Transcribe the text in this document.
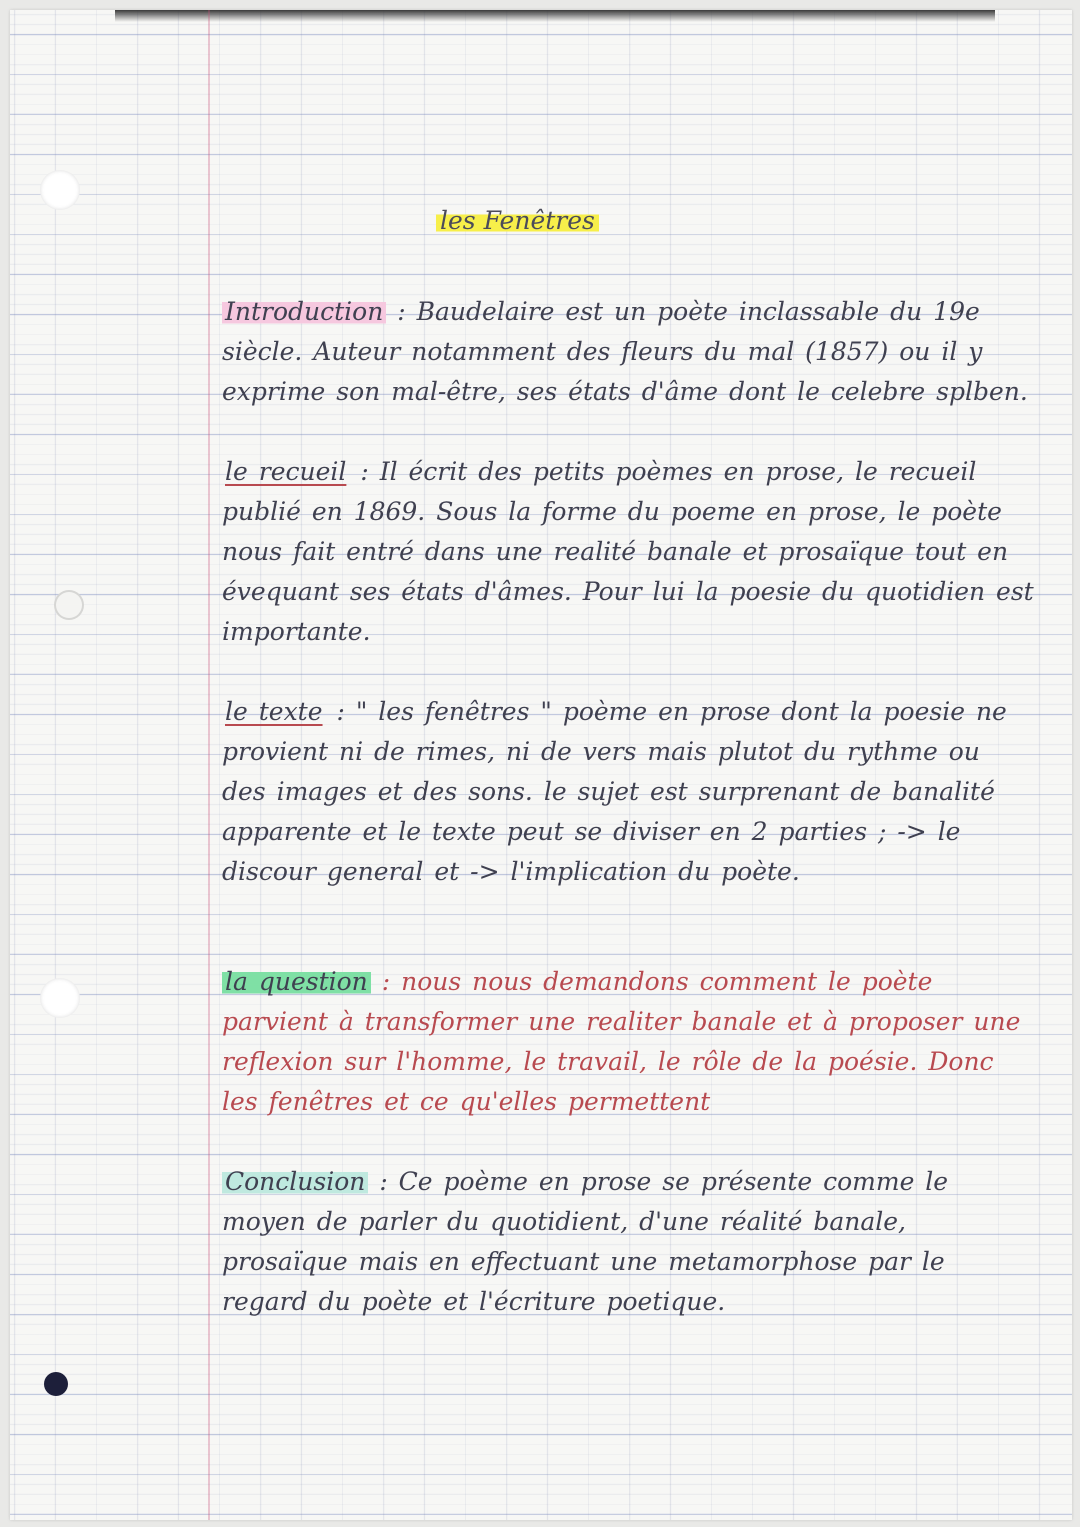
les Fenêtres

Introduction : Baudelaire est un poète inclassable du 19e siècle. Auteur notamment des fleurs du mal (1857) ou il y exprime son mal-être, ses états d'âme dont le celebre splben.

le recueil : Il écrit des petits poèmes en prose, le recueil publié en 1869. Sous la forme du poeme en prose, le poète nous fait entré dans une realité banale et prosaïque tout en évequant ses états d'âmes. Pour lui la poesie du quotidien est importante.

le texte : " les fenêtres " poème en prose dont la poesie ne provient ni de rimes, ni de vers mais plutot du rythme ou des images et des sons. le sujet est surprenant de banalité apparente et le texte peut se diviser en 2 parties ; -> le discour general et -> l'implication du poète.

la question : nous nous demandons comment le poète parvient à transformer une realiter banale et à proposer une reflexion sur l'homme, le travail, le rôle de la poésie. Donc les fenêtres et ce qu'elles permettent

Conclusion : Ce poème en prose se présente comme le moyen de parler du quotidient, d'une réalité banale, prosaïque mais en effectuant une metamorphose par le regard du poète et l'écriture poetique.
